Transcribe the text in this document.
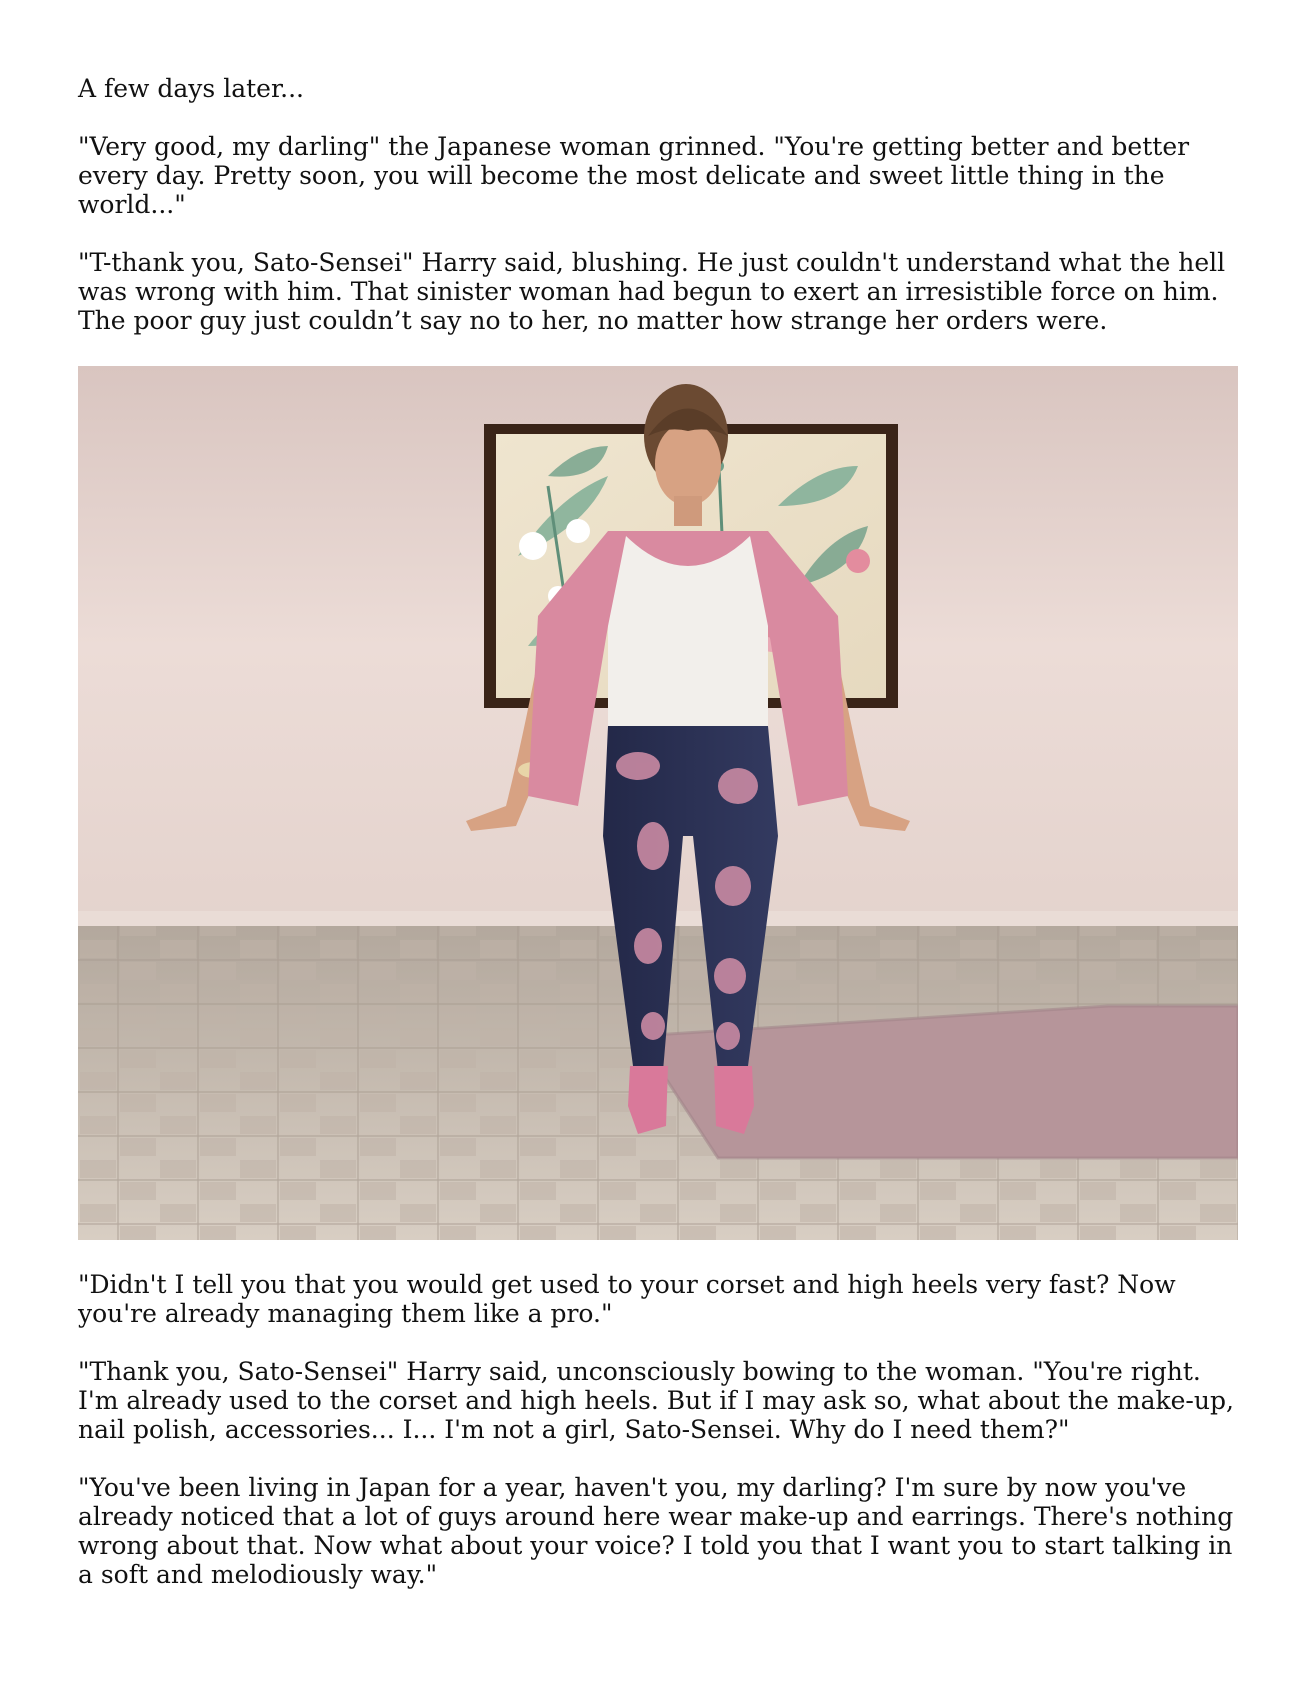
A few days later...

"Very good, my darling" the Japanese woman grinned. "You're getting better and better every day. Pretty soon, you will become the most delicate and sweet little thing in the world..."

"T-thank you, Sato-Sensei" Harry said, blushing. He just couldn't understand what the hell was wrong with him. That sinister woman had begun to exert an irresistible force on him. The poor guy just couldn’t say no to her, no matter how strange her orders were.

"Didn't I tell you that you would get used to your corset and high heels very fast? Now you're already managing them like a pro."

"Thank you, Sato-Sensei" Harry said, unconsciously bowing to the woman. "You're right. I'm already used to the corset and high heels. But if I may ask so, what about the make-up, nail polish, accessories... I... I'm not a girl, Sato-Sensei. Why do I need them?"

"You've been living in Japan for a year, haven't you, my darling? I'm sure by now you've already noticed that a lot of guys around here wear make-up and earrings. There's nothing wrong about that. Now what about your voice? I told you that I want you to start talking in a soft and melodiously way."
